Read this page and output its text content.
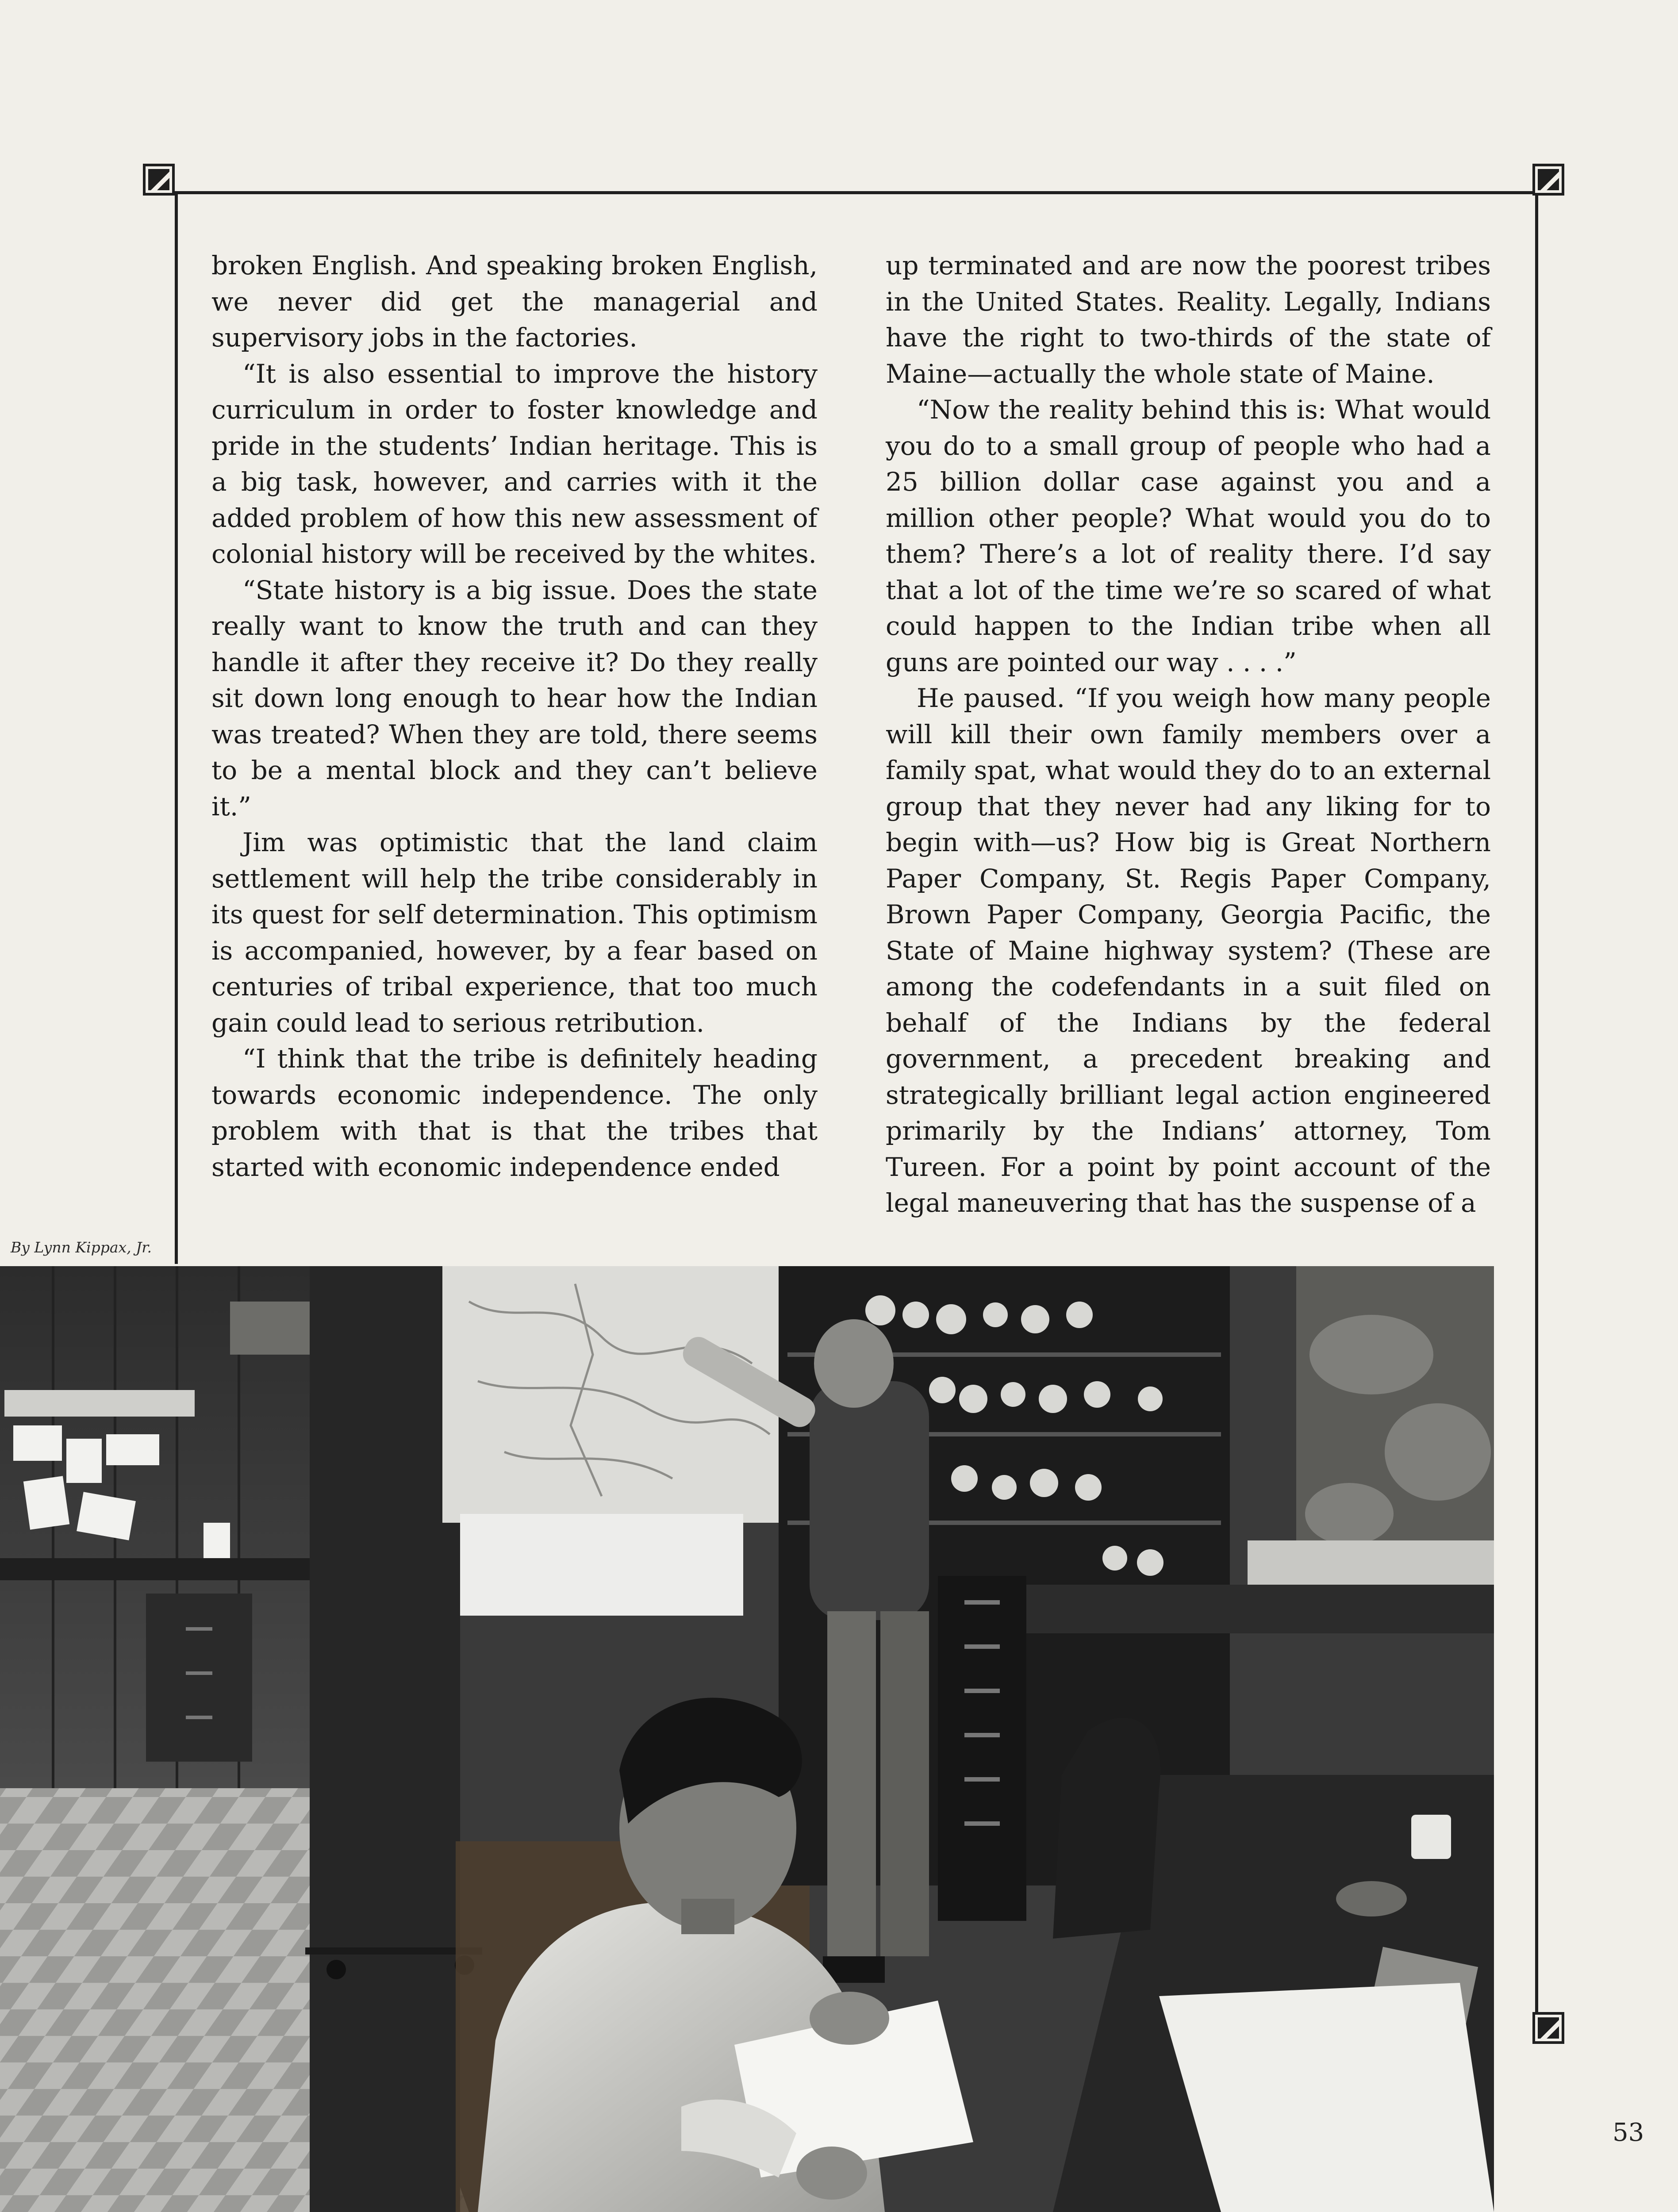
broken English. And speaking broken English, we never did get the managerial and supervisory jobs in the factories.

“It is also essential to improve the history curriculum in order to foster knowledge and pride in the students’ Indian heritage. This is a big task, however, and carries with it the added problem of how this new assessment of colonial history will be received by the whites.

“State history is a big issue. Does the state really want to know the truth and can they handle it after they receive it? Do they really sit down long enough to hear how the Indian was treated? When they are told, there seems to be a mental block and they can’t believe it.”

Jim was optimistic that the land claim settlement will help the tribe considerably in its quest for self determination. This optimism is accompanied, however, by a fear based on centuries of tribal experience, that too much gain could lead to serious retribution.

“I think that the tribe is definitely heading towards economic independence. The only problem with that is that the tribes that started with economic independence ended

up terminated and are now the poorest tribes in the United States. Reality. Legally, Indians have the right to two-thirds of the state of Maine—actually the whole state of Maine.

“Now the reality behind this is: What would you do to a small group of people who had a 25 billion dollar case against you and a million other people? What would you do to them? There’s a lot of reality there. I’d say that a lot of the time we’re so scared of what could happen to the Indian tribe when all guns are pointed our way . . . .”

He paused. “If you weigh how many people will kill their own family members over a family spat, what would they do to an external group that they never had any liking for to begin with—us? How big is Great Northern Paper Company, St. Regis Paper Company, Brown Paper Company, Georgia Pacific, the State of Maine highway system? (These are among the codefendants in a suit filed on behalf of the Indians by the federal government, a precedent breaking and strategically brilliant legal action engineered primarily by the Indians’ attorney, Tom Tureen. For a point by point account of the legal maneuvering that has the suspense of a

By Lynn Kippax, Jr.
53
